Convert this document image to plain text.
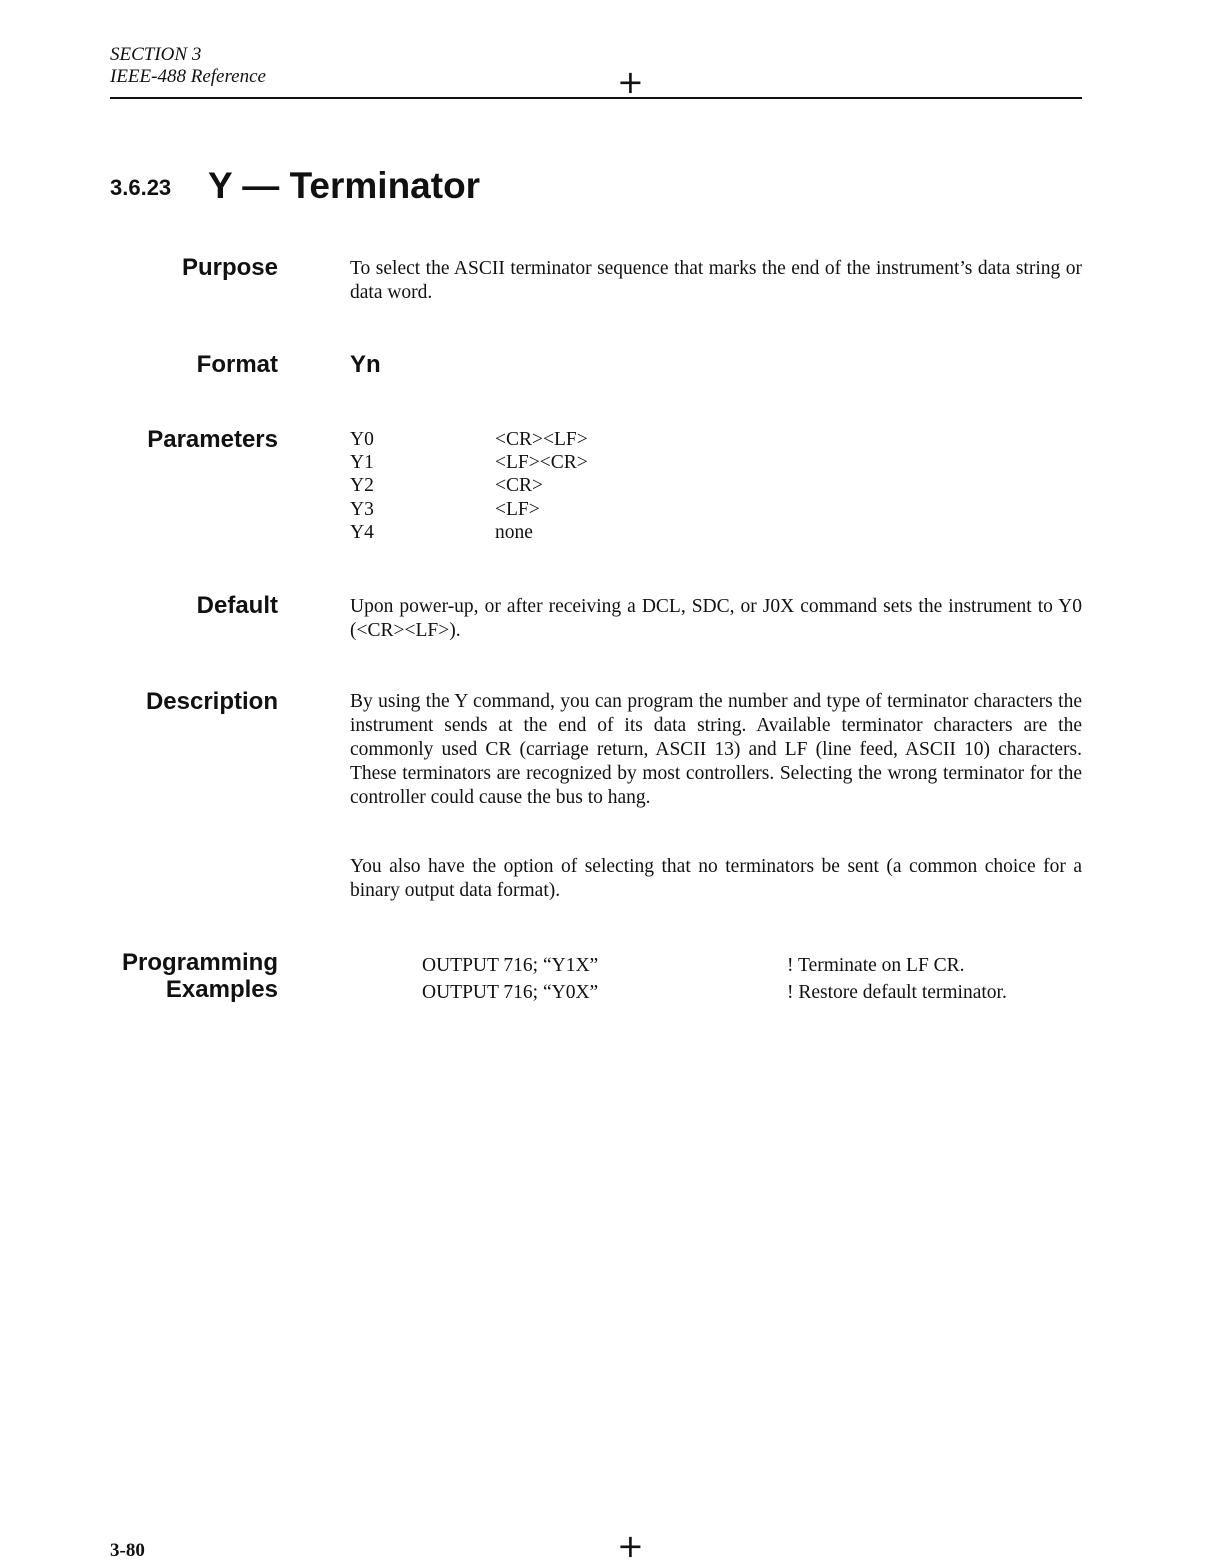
SECTION 3
IEEE-488 Reference	+
3.6.23 Y — Terminator
Purpose	To select the ASCII terminator sequence that marks the end of the instrument’s data string or data word.
Format	Yn
Parameters	Y0	<CR><LF>
Y1	<LF><CR>
Y2	<CR>
Y3	<LF>
Y4	none
Default	Upon power-up, or after receiving a DCL, SDC, or J0X command sets the instrument to Y0 (<CR><LF>).
Description	By using the Y command, you can program the number and type of terminator characters the instrument sends at the end of its data string. Available terminator characters are the commonly used CR (carriage return, ASCII 13) and LF (line feed, ASCII 10) characters. These terminators are recognized by most controllers. Selecting the wrong terminator for the controller could cause the bus to hang.
You also have the option of selecting that no terminators be sent (a common choice for a binary output data format).
Programming
Examples
OUTPUT 716; “Y1X”	! Terminate on LF CR.
OUTPUT 716; “Y0X”	! Restore default terminator.
3-80	+
